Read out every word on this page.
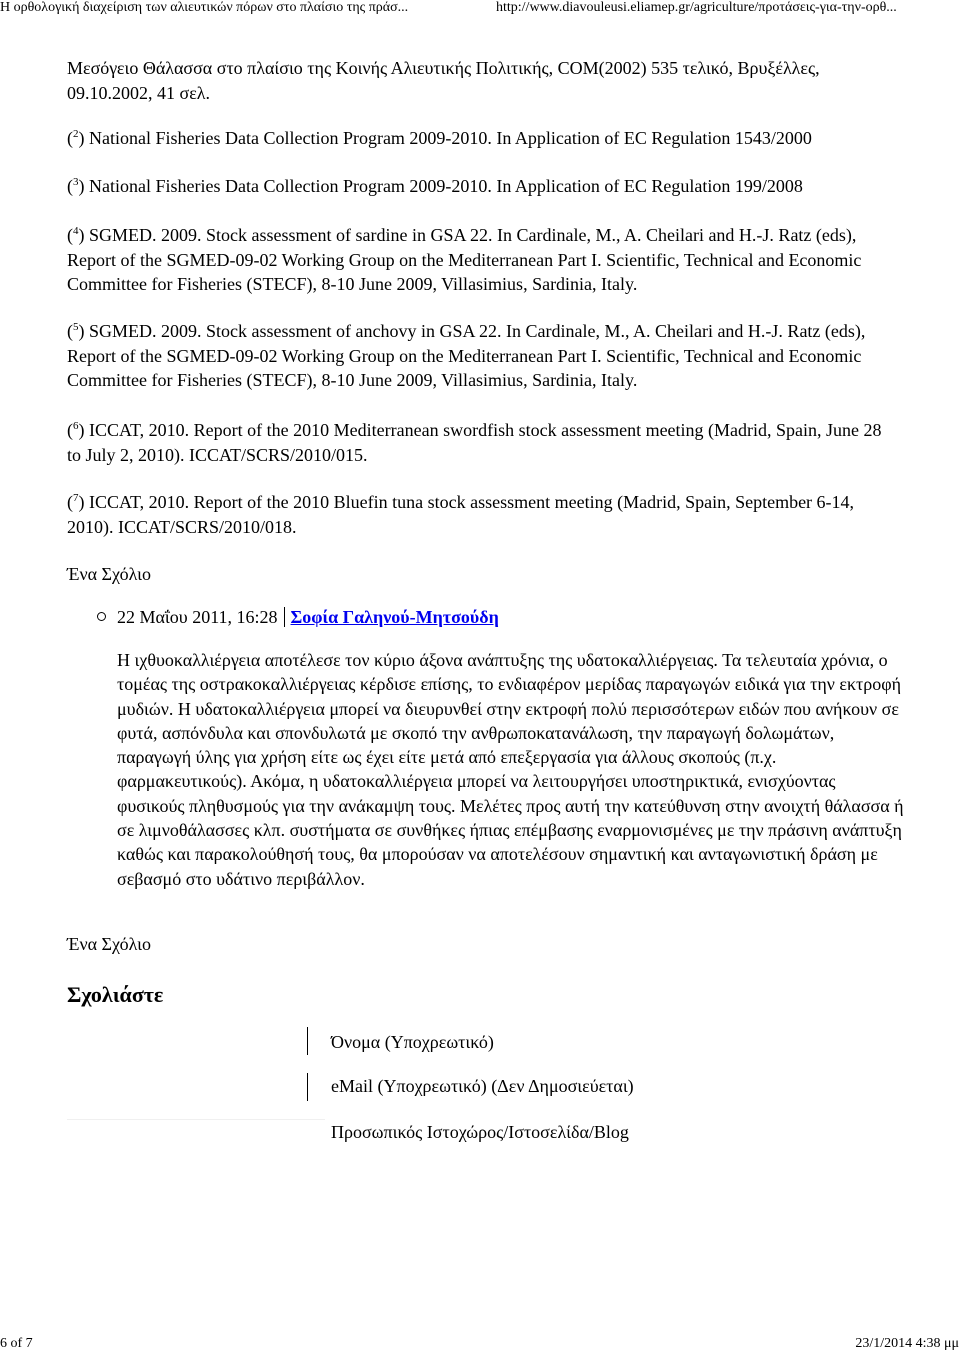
Η ορθολογική διαχείριση των αλιευτικών πόρων στο πλαίσιο της πράσ...	http://www.diavouleusi.eliamep.gr/agriculture/προτάσεις-για-την-ορθ...
Μεσόγειο Θάλασσα στο πλαίσιο της Κοινής Αλιευτικής Πολιτικής, COM(2002) 535 τελικό, Βρυξέλλες, 09.10.2002, 41 σελ.
($^2$) National Fisheries Data Collection Program 2009-2010. In Application of EC Regulation 1543/2000
($^3$) National Fisheries Data Collection Program 2009-2010. In Application of EC Regulation 199/2008
($^4$) SGMED. 2009. Stock assessment of sardine in GSA 22. In Cardinale, M., A. Cheilari and H.-J. Ratz (eds), Report of the SGMED-09-02 Working Group on the Mediterranean Part I. Scientific, Technical and Economic Committee for Fisheries (STECF), 8-10 June 2009, Villasimius, Sardinia, Italy.
($^5$) SGMED. 2009. Stock assessment of anchovy in GSA 22. In Cardinale, M., A. Cheilari and H.-J. Ratz (eds), Report of the SGMED-09-02 Working Group on the Mediterranean Part I. Scientific, Technical and Economic Committee for Fisheries (STECF), 8-10 June 2009, Villasimius, Sardinia, Italy.
($^6$) ICCAT, 2010. Report of the 2010 Mediterranean swordfish stock assessment meeting (Madrid, Spain, June 28 to July 2, 2010). ICCAT/SCRS/2010/015.
($^7$) ICCAT, 2010. Report of the 2010 Bluefin tuna stock assessment meeting (Madrid, Spain, September 6-14, 2010). ICCAT/SCRS/2010/018.
Ένα Σχόλιο
22 Μαΐου 2011, 16:28 Σοφία Γαληνού-Μητσούδη
Η ιχθυοκαλλιέργεια αποτέλεσε τον κύριο άξονα ανάπτυξης της υδατοκαλλιέργειας. Τα τελευταία χρόνια, ο τομέας της οστρακοκαλλιέργειας κέρδισε επίσης, το ενδιαφέρον μερίδας παραγωγών ειδικά για την εκτροφή μυδιών. Η υδατοκαλλιέργεια μπορεί να διευρυνθεί στην εκτροφή πολύ περισσότερων ειδών που ανήκουν σε φυτά, ασπόνδυλα και σπονδυλωτά με σκοπό την ανθρωποκατανάλωση, την παραγωγή δολωμάτων, παραγωγή ύλης για χρήση είτε ως έχει είτε μετά από επεξεργασία για άλλους σκοπούς (π.χ. φαρμακευτικούς). Ακόμα, η υδατοκαλλιέργεια μπορεί να λειτουργήσει υποστηρικτικά, ενισχύοντας φυσικούς πληθυσμούς για την ανάκαμψη τους. Μελέτες προς αυτή την κατεύθυνση στην ανοιχτή θάλασσα ή σε λιμνοθάλασσες κλπ. συστήματα σε συνθήκες ήπιας επέμβασης εναρμονισμένες με την πράσινη ανάπτυξη καθώς και παρακολούθησή τους, θα μπορούσαν να αποτελέσουν σημαντική και ανταγωνιστική δράση με σεβασμό στο υδάτινο περιβάλλον.
Ένα Σχόλιο
Σχολιάστε
Όνομα (Υποχρεωτικό)
eMail (Υποχρεωτικό) (Δεν Δημοσιεύεται)
Προσωπικός Ιστοχώρος/Ιστοσελίδα/Blog
6 of 7	23/1/2014 4:38 μμ
